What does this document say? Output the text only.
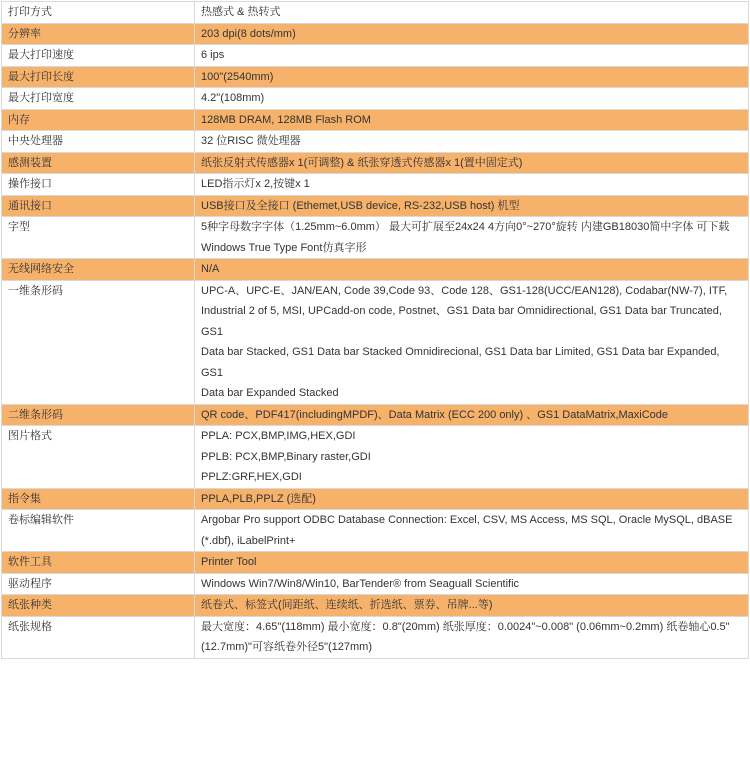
打印方式	热感式 & 热转式

分辨率	203 dpi(8 dots/mm)

最大打印速度	6 ips

最大打印长度	100"(2540mm)

最大打印宽度	4.2"(108mm)

内存	128MB DRAM, 128MB Flash ROM

中央处理器	32 位RISC 微处理器

感测装置	纸张反射式传感器x 1(可调整) & 纸张穿透式传感器x 1(置中固定式)

操作接口	LED指示灯x 2,按键x 1

通讯接口	USB接口及全接口 (Ethemet,USB device, RS-232,USB host) 机型

字型	5种字母数字字体（1.25mm~6.0mm） 最大可扩展至24x24 4方向0°~270°旋转 内建GB18030简中字体 可下载
Windows True Type Font仿真字形

无线网络安全	N/A

一维条形码	UPC-A、UPC-E、JAN/EAN, Code 39,Code 93、Code 128、GS1-128(UCC/EAN128), Codabar(NW-7), ITF,
Industrial 2 of 5, MSI, UPCadd-on code, Postnet、GS1 Data bar Omnidirectional, GS1 Data bar Truncated, GS1
Data bar Stacked, GS1 Data bar Stacked Omnidirecional, GS1 Data bar Limited, GS1 Data bar Expanded, GS1
Data bar Expanded Stacked

二维条形码	QR code、PDF417(includingMPDF)、Data Matrix (ECC 200 only) 、GS1 DataMatrix,MaxiCode

图片格式	PPLA: PCX,BMP,IMG,HEX,GDI
PPLB: PCX,BMP,Binary raster,GDI
PPLZ:GRF,HEX,GDI

指令集	PPLA,PLB,PPLZ (选配)

卷标编辑软件	Argobar Pro support ODBC Database Connection: Excel, CSV, MS Access, MS SQL, Oracle MySQL, dBASE
(*.dbf), iLabelPrint+

软件工具	Printer Tool

驱动程序	Windows Win7/Win8/Win10, BarTender® from Seaguall Scientific

纸张种类	纸卷式、标签式(间距纸、连续纸、折选纸、票券、吊牌...等)

纸张规格	最大宽度：4.65"(118mm) 最小宽度：0.8"(20mm) 纸张厚度：0.0024"~0.008" (0.06mm~0.2mm) 纸卷轴心0.5"
(12.7mm)"可容纸卷外径5"(127mm)
